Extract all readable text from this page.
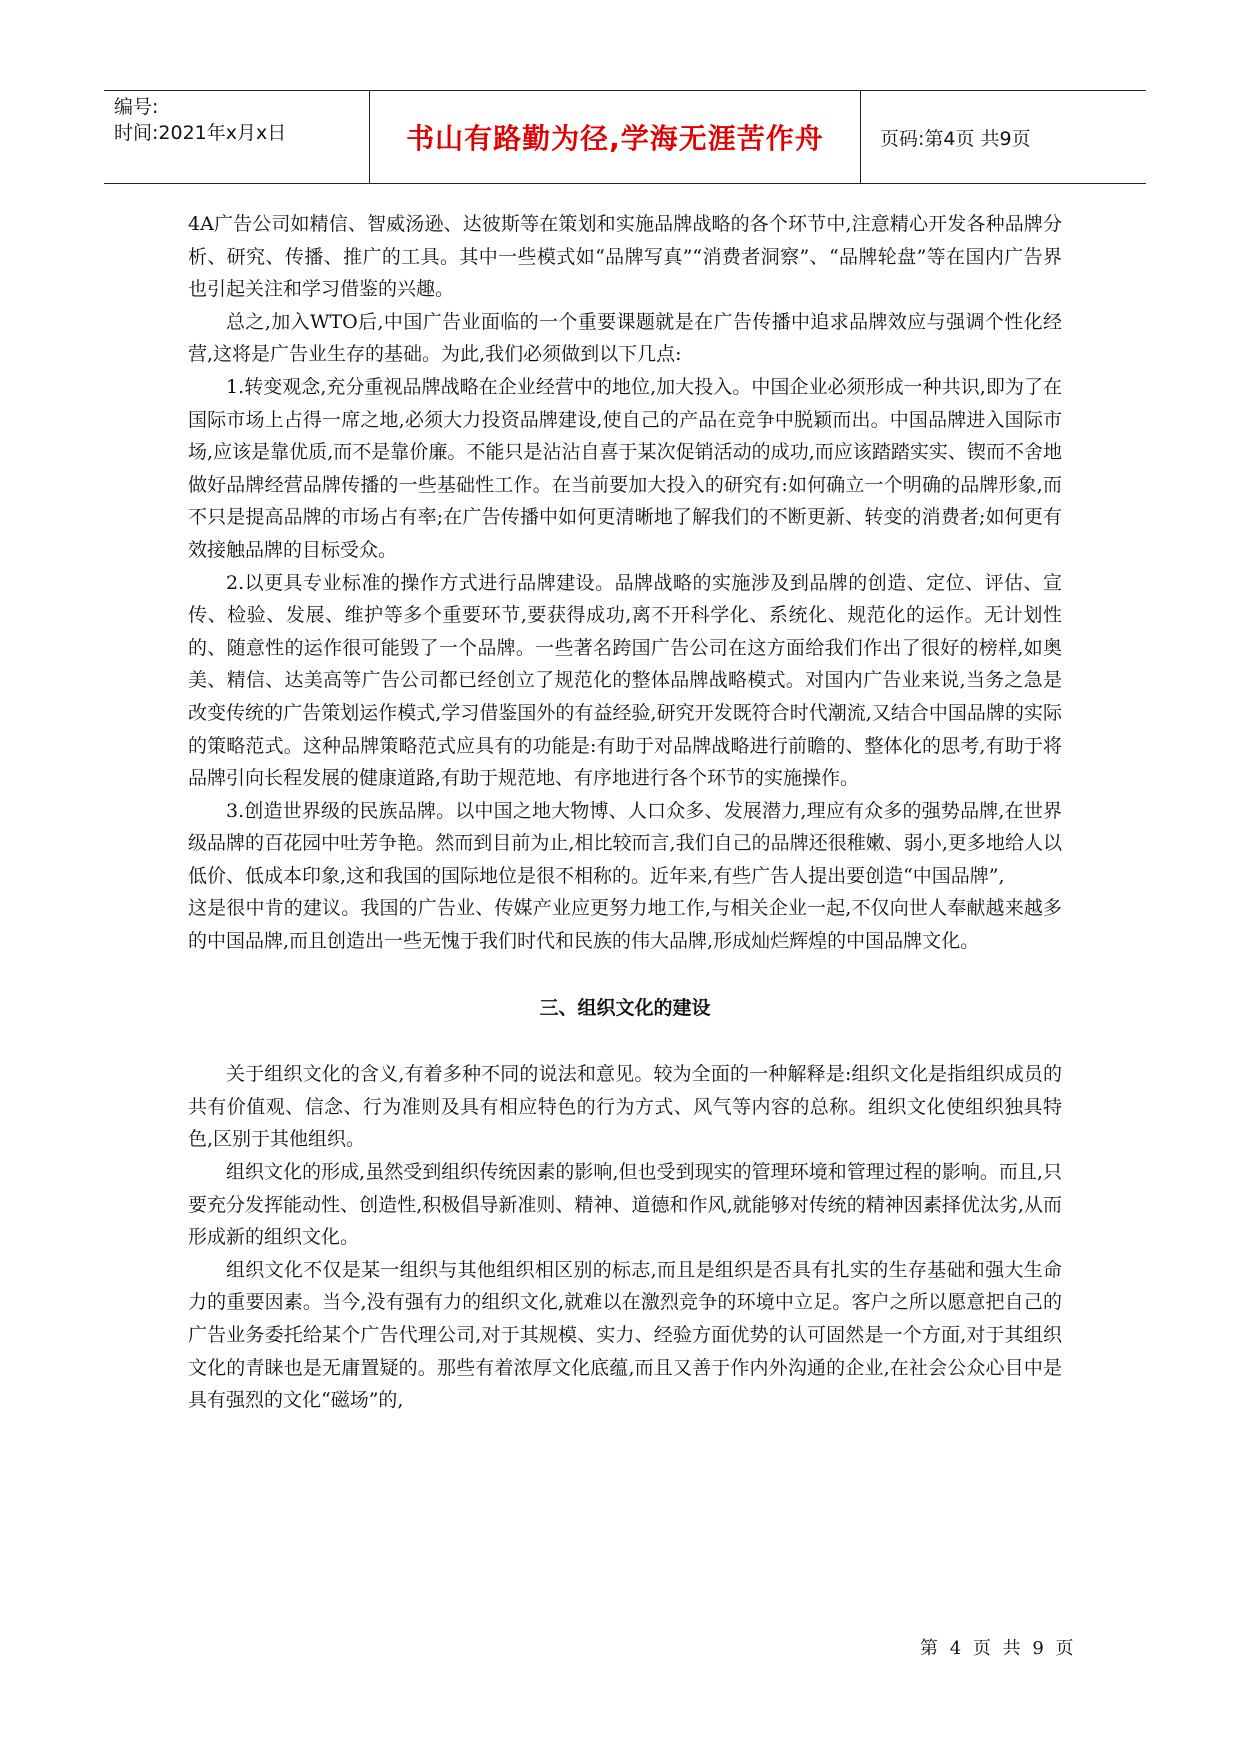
编号:
时间:2021年x月x日	书山有路勤为径,学海无涯苦作舟	页码:第4页 共9页

4A广告公司如精信、智威汤逊、达彼斯等在策划和实施品牌战略的各个环节中,注意精心开发各种品牌分析、研究、传播、推广的工具。其中一些模式如“品牌写真”“消费者洞察”、“品牌轮盘”等在国内广告界也引起关注和学习借鉴的兴趣。

总之,加入WTO后,中国广告业面临的一个重要课题就是在广告传播中追求品牌效应与强调个性化经营,这将是广告业生存的基础。为此,我们必须做到以下几点:

1.转变观念,充分重视品牌战略在企业经营中的地位,加大投入。中国企业必须形成一种共识,即为了在国际市场上占得一席之地,必须大力投资品牌建设,使自己的产品在竞争中脱颖而出。中国品牌进入国际市场,应该是靠优质,而不是靠价廉。不能只是沾沾自喜于某次促销活动的成功,而应该踏踏实实、锲而不舍地做好品牌经营品牌传播的一些基础性工作。在当前要加大投入的研究有:如何确立一个明确的品牌形象,而不只是提高品牌的市场占有率;在广告传播中如何更清晰地了解我们的不断更新、转变的消费者;如何更有效接触品牌的目标受众。

2.以更具专业标准的操作方式进行品牌建设。品牌战略的实施涉及到品牌的创造、定位、评估、宣传、检验、发展、维护等多个重要环节,要获得成功,离不开科学化、系统化、规范化的运作。无计划性的、随意性的运作很可能毁了一个品牌。一些著名跨国广告公司在这方面给我们作出了很好的榜样,如奥美、精信、达美高等广告公司都已经创立了规范化的整体品牌战略模式。对国内广告业来说,当务之急是改变传统的广告策划运作模式,学习借鉴国外的有益经验,研究开发既符合时代潮流,又结合中国品牌的实际的策略范式。这种品牌策略范式应具有的功能是:有助于对品牌战略进行前瞻的、整体化的思考,有助于将品牌引向长程发展的健康道路,有助于规范地、有序地进行各个环节的实施操作。

3.创造世界级的民族品牌。以中国之地大物博、人口众多、发展潜力,理应有众多的强势品牌,在世界级品牌的百花园中吐芳争艳。然而到目前为止,相比较而言,我们自己的品牌还很稚嫩、弱小,更多地给人以低价、低成本印象,这和我国的国际地位是很不相称的。近年来,有些广告人提出要创造“中国品牌”,

这是很中肯的建议。我国的广告业、传媒产业应更努力地工作,与相关企业一起,不仅向世人奉献越来越多的中国品牌,而且创造出一些无愧于我们时代和民族的伟大品牌,形成灿烂辉煌的中国品牌文化。

三、组织文化的建设

关于组织文化的含义,有着多种不同的说法和意见。较为全面的一种解释是:组织文化是指组织成员的共有价值观、信念、行为准则及具有相应特色的行为方式、风气等内容的总称。组织文化使组织独具特色,区别于其他组织。

组织文化的形成,虽然受到组织传统因素的影响,但也受到现实的管理环境和管理过程的影响。而且,只要充分发挥能动性、创造性,积极倡导新准则、精神、道德和作风,就能够对传统的精神因素择优汰劣,从而形成新的组织文化。

组织文化不仅是某一组织与其他组织相区别的标志,而且是组织是否具有扎实的生存基础和强大生命力的重要因素。当今,没有强有力的组织文化,就难以在激烈竞争的环境中立足。客户之所以愿意把自己的广告业务委托给某个广告代理公司,对于其规模、实力、经验方面优势的认可固然是一个方面,对于其组织文化的青睐也是无庸置疑的。那些有着浓厚文化底蕴,而且又善于作内外沟通的企业,在社会公众心目中是具有强烈的文化“磁场”的,

第 4 页 共 9 页
